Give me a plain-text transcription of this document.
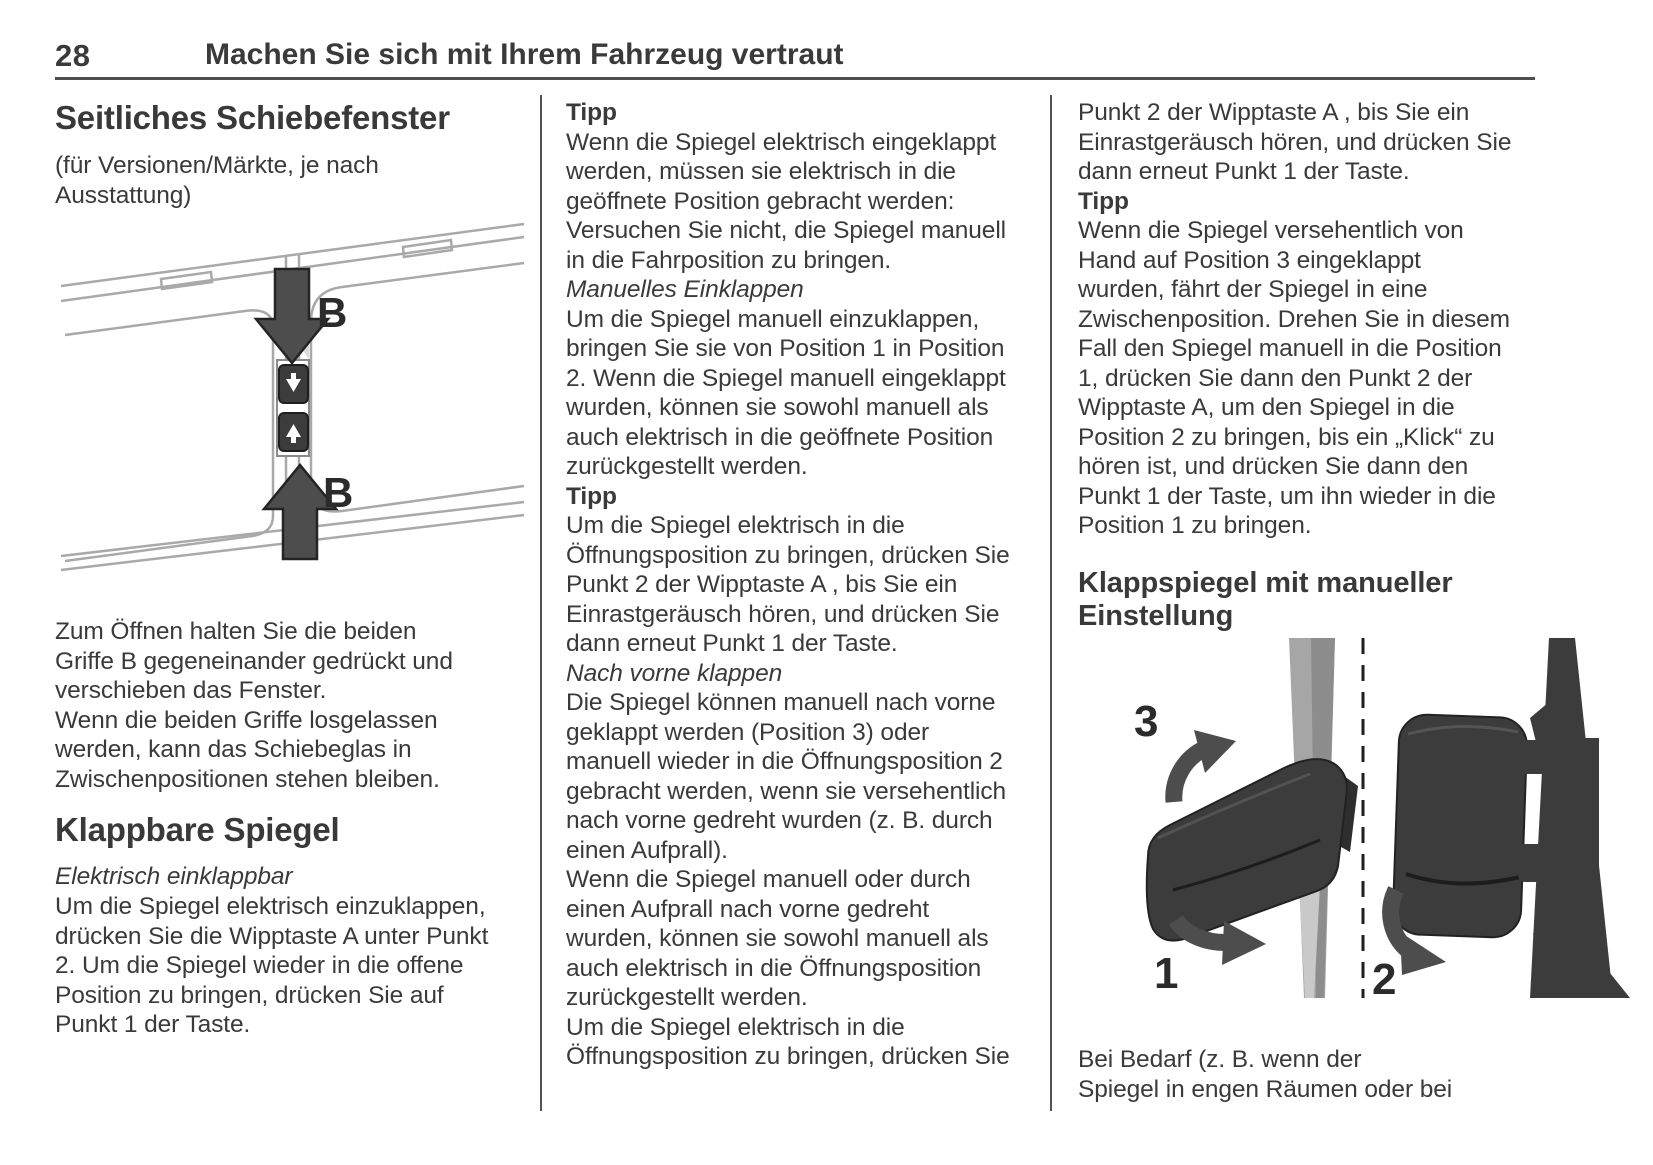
28	Machen Sie sich mit Ihrem Fahrzeug vertraut
Seitliches Schiebefenster
(für Versionen/Märkte, je nach
Ausstattung)
B
B
Zum Öffnen halten Sie die beiden
Griffe B gegeneinander gedrückt und
verschieben das Fenster.
Wenn die beiden Griffe losgelassen
werden, kann das Schiebeglas in
Zwischenpositionen stehen bleiben.
Klappbare Spiegel
Elektrisch einklappbar
Um die Spiegel elektrisch einzuklappen,
drücken Sie die Wipptaste A unter Punkt
2. Um die Spiegel wieder in die offene
Position zu bringen, drücken Sie auf
Punkt 1 der Taste.
Tipp
Wenn die Spiegel elektrisch eingeklappt
werden, müssen sie elektrisch in die
geöffnete Position gebracht werden:
Versuchen Sie nicht, die Spiegel manuell
in die Fahrposition zu bringen.
Manuelles Einklappen
Um die Spiegel manuell einzuklappen,
bringen Sie sie von Position 1 in Position
2. Wenn die Spiegel manuell eingeklappt
wurden, können sie sowohl manuell als
auch elektrisch in die geöffnete Position
zurückgestellt werden.
Tipp
Um die Spiegel elektrisch in die
Öffnungsposition zu bringen, drücken Sie
Punkt 2 der Wipptaste A , bis Sie ein
Einrastgeräusch hören, und drücken Sie
dann erneut Punkt 1 der Taste.
Nach vorne klappen
Die Spiegel können manuell nach vorne
geklappt werden (Position 3) oder
manuell wieder in die Öffnungsposition 2
gebracht werden, wenn sie versehentlich
nach vorne gedreht wurden (z. B. durch
einen Aufprall).
Wenn die Spiegel manuell oder durch
einen Aufprall nach vorne gedreht
wurden, können sie sowohl manuell als
auch elektrisch in die Öffnungsposition
zurückgestellt werden.
Um die Spiegel elektrisch in die
Öffnungsposition zu bringen, drücken Sie
Punkt 2 der Wipptaste A , bis Sie ein
Einrastgeräusch hören, und drücken Sie
dann erneut Punkt 1 der Taste.
Tipp
Wenn die Spiegel versehentlich von
Hand auf Position 3 eingeklappt
wurden, fährt der Spiegel in eine
Zwischenposition. Drehen Sie in diesem
Fall den Spiegel manuell in die Position
1, drücken Sie dann den Punkt 2 der
Wipptaste A, um den Spiegel in die
Position 2 zu bringen, bis ein „Klick“ zu
hören ist, und drücken Sie dann den
Punkt 1 der Taste, um ihn wieder in die
Position 1 zu bringen.
Klappspiegel mit manueller
Einstellung
3
1	2
Bei Bedarf (z. B. wenn der
Spiegel in engen Räumen oder bei
